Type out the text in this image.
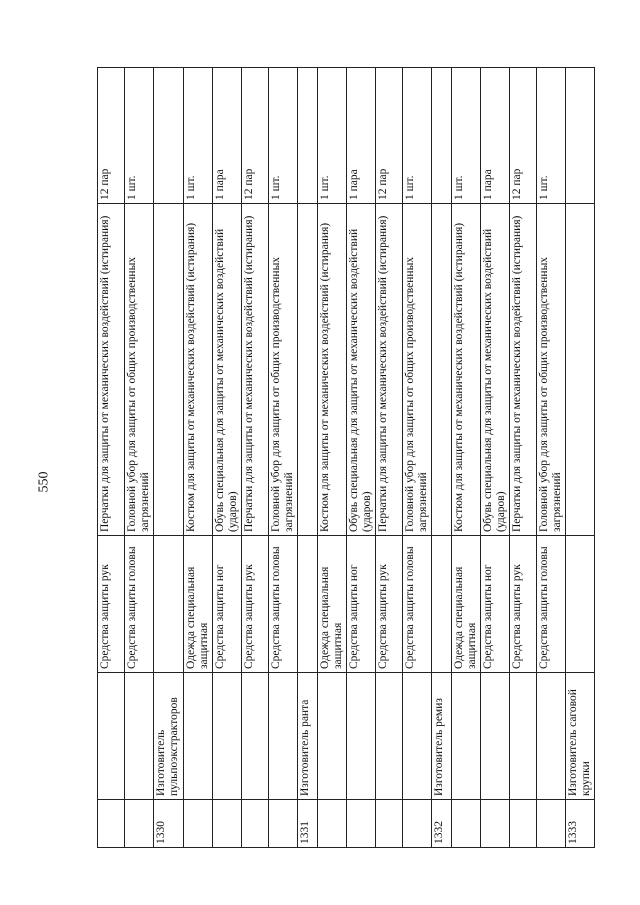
550
		Средства защиты рук	Перчатки для защиты от механических воздействий (истирания)	12 пар
		Средства защиты головы	Головной убор для защиты от общих производственных загрязнений	1 шт.
1330	Изготовитель пульпоэкстракторов			
		Одежда специальная защитная	Костюм для защиты от механических воздействий (истирания)	1 шт.
		Средства защиты ног	Обувь специальная для защиты от механических воздействий (ударов)	1 пара
		Средства защиты рук	Перчатки для защиты от механических воздействий (истирания)	12 пар
		Средства защиты головы	Головной убор для защиты от общих производственных загрязнений	1 шт.
1331	Изготовитель ранта			
		Одежда специальная защитная	Костюм для защиты от механических воздействий (истирания)	1 шт.
		Средства защиты ног	Обувь специальная для защиты от механических воздействий (ударов)	1 пара
		Средства защиты рук	Перчатки для защиты от механических воздействий (истирания)	12 пар
		Средства защиты головы	Головной убор для защиты от общих производственных загрязнений	1 шт.
1332	Изготовитель ремиз			
		Одежда специальная защитная	Костюм для защиты от механических воздействий (истирания)	1 шт.
		Средства защиты ног	Обувь специальная для защиты от механических воздействий (ударов)	1 пара
		Средства защиты рук	Перчатки для защиты от механических воздействий (истирания)	12 пар
		Средства защиты головы	Головной убор для защиты от общих производственных загрязнений	1 шт.
1333	Изготовитель саговой крупки			
